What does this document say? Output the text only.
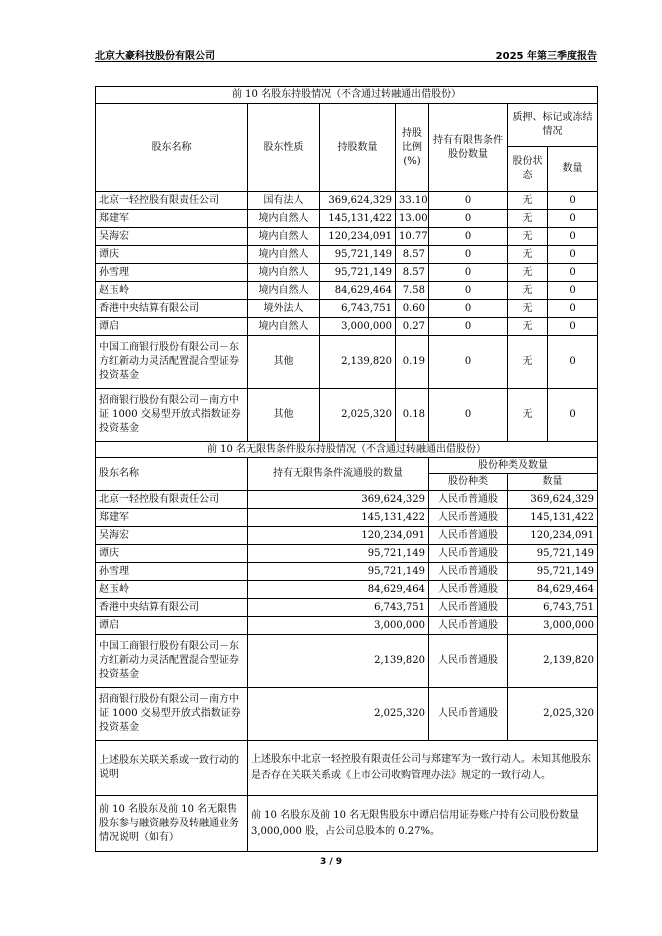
北京大豪科技股份有限公司	2025 年第三季度报告
前 10 名股东持股情况（不含通过转融通出借股份）						
股东名称	股东性质	持股数量	持股比例(%)	持有有限售条件股份数量	质押、标记或冻结情况	
					股份状态	数量
北京一轻控股有限责任公司	国有法人	369,624,329	33.10	0	无	0
郑建军	境内自然人	145,131,422	13.00	0	无	0
吴海宏	境内自然人	120,234,091	10.77	0	无	0
谭庆	境内自然人	95,721,149	8.57	0	无	0
孙雪理	境内自然人	95,721,149	8.57	0	无	0
赵玉岭	境内自然人	84,629,464	7.58	0	无	0
香港中央结算有限公司	境外法人	6,743,751	0.60	0	无	0
谭启	境内自然人	3,000,000	0.27	0	无	0
中国工商银行股份有限公司－东方红新动力灵活配置混合型证券投资基金	其他	2,139,820	0.19	0	无	0
招商银行股份有限公司－南方中证 1000 交易型开放式指数证券投资基金	其他	2,025,320	0.18	0	无	0
前 10 名无限售条件股东持股情况（不含通过转融通出借股份）			
股东名称	持有无限售条件流通股的数量	股份种类及数量	
		股份种类	数量
北京一轻控股有限责任公司	369,624,329	人民币普通股	369,624,329
郑建军	145,131,422	人民币普通股	145,131,422
吴海宏	120,234,091	人民币普通股	120,234,091
谭庆	95,721,149	人民币普通股	95,721,149
孙雪理	95,721,149	人民币普通股	95,721,149
赵玉岭	84,629,464	人民币普通股	84,629,464
香港中央结算有限公司	6,743,751	人民币普通股	6,743,751
谭启	3,000,000	人民币普通股	3,000,000
中国工商银行股份有限公司－东方红新动力灵活配置混合型证券投资基金	2,139,820	人民币普通股	2,139,820
招商银行股份有限公司－南方中证 1000 交易型开放式指数证券投资基金	2,025,320	人民币普通股	2,025,320
上述股东关联关系或一致行动的说明	上述股东中北京一轻控股有限责任公司与郑建军为一致行动人。未知其他股东是否存在关联关系或《上市公司收购管理办法》规定的一致行动人。		
前 10 名股东及前 10 名无限售股东参与融资融券及转融通业务情况说明（如有）	前 10 名股东及前 10 名无限售股东中谭启信用证券账户持有公司股份数量 3,000,000 股，占公司总股本的 0.27%。		
3 / 9
